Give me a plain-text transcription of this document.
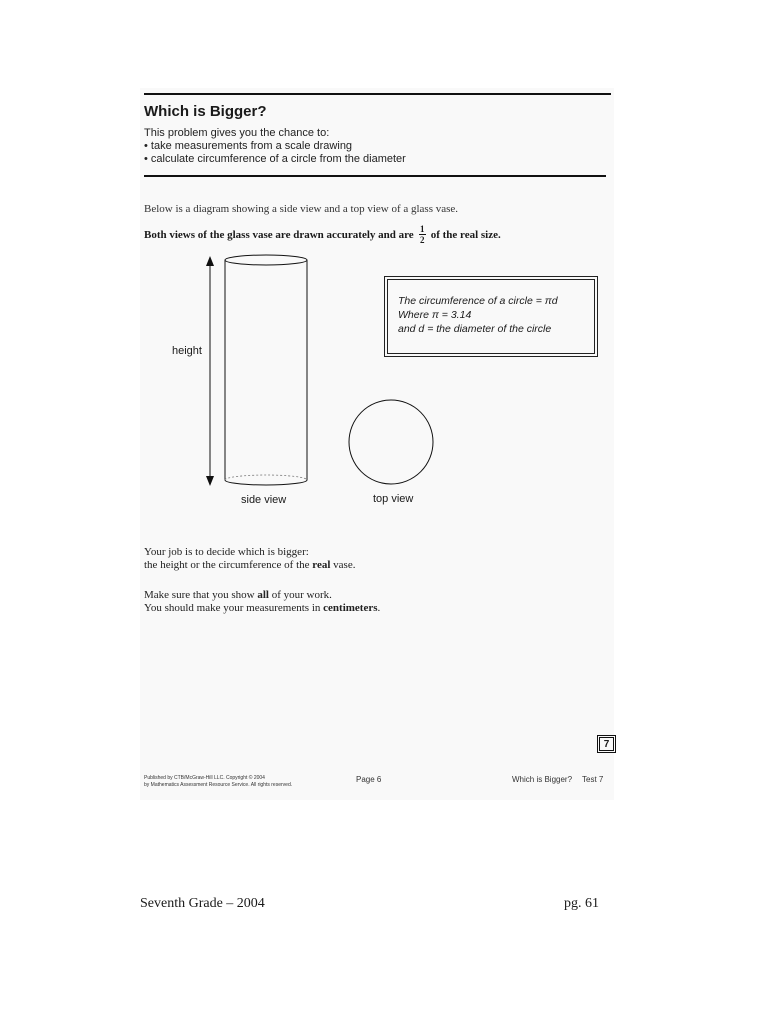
Which is Bigger?
This problem gives you the chance to:
• take measurements from a scale drawing
• calculate circumference of a circle from the diameter
Below is a diagram showing a side view and a top view of a glass vase.
Both views of the glass vase are drawn accurately and are $\frac{1}{2}$ of the real size.
height
side view	top view
The circumference of a circle = πd
Where π = 3.14
and d = the diameter of the circle
Your job is to decide which is bigger:
the height or the circumference of the real vase.
Make sure that you show all of your work.
You should make your measurements in centimeters.
7
Published by CTB/McGraw-Hill LLC. Copyright © 2004
by Mathematics Assessment Resource Service. All rights reserved.
Page 6	Which is Bigger? Test 7
Seventh Grade – 2004	pg. 61
